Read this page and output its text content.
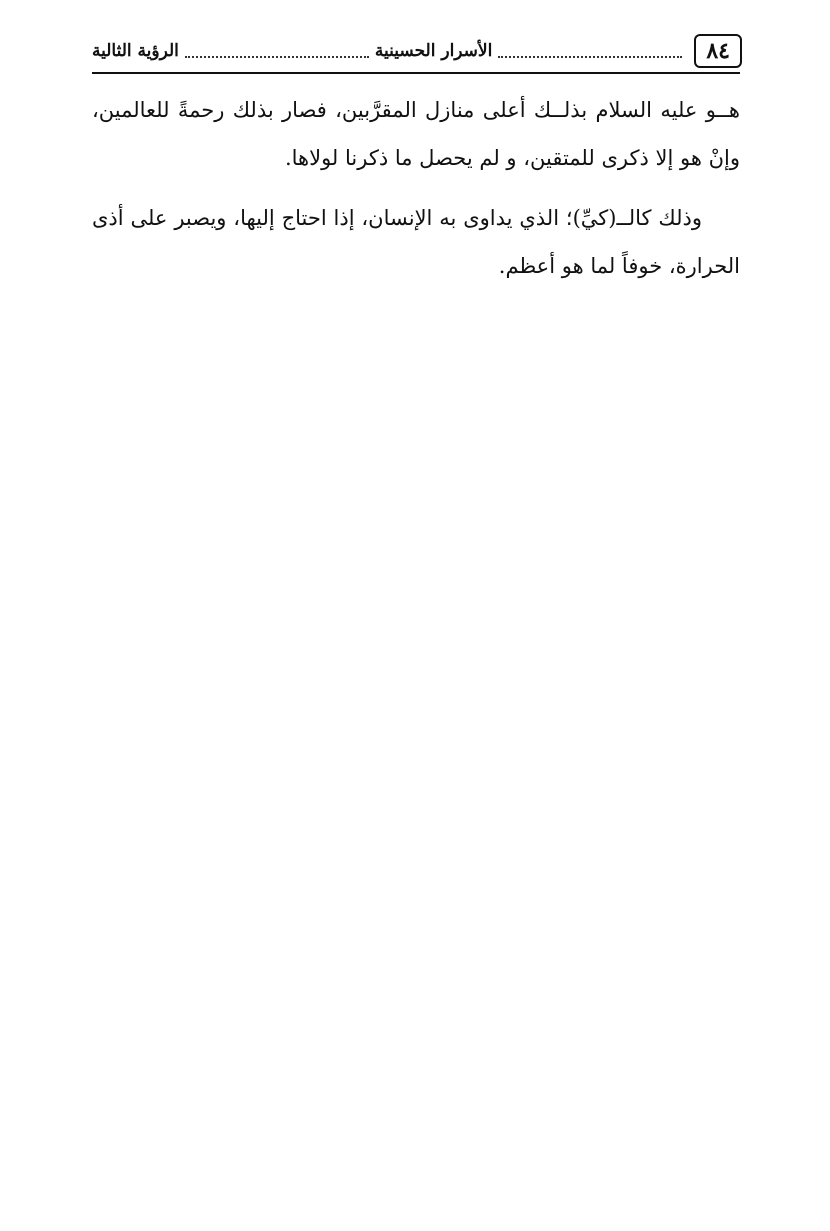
٨٤
الأسرار الحسينية
الرؤية الثالية

هــو عليه السلام بذلــك أعلى منازل المقرَّبين، فصار بذلك رحمةً للعالمين، وإنْ هو إلا ذكرى للمتقين، و لم يحصل ما ذكرنا لولاها.

وذلك كالــ(كيِّ)؛ الذي يداوى به الإنسان، إذا احتاج إليها، ويصبر على أذى الحرارة، خوفاً لما هو أعظم.
